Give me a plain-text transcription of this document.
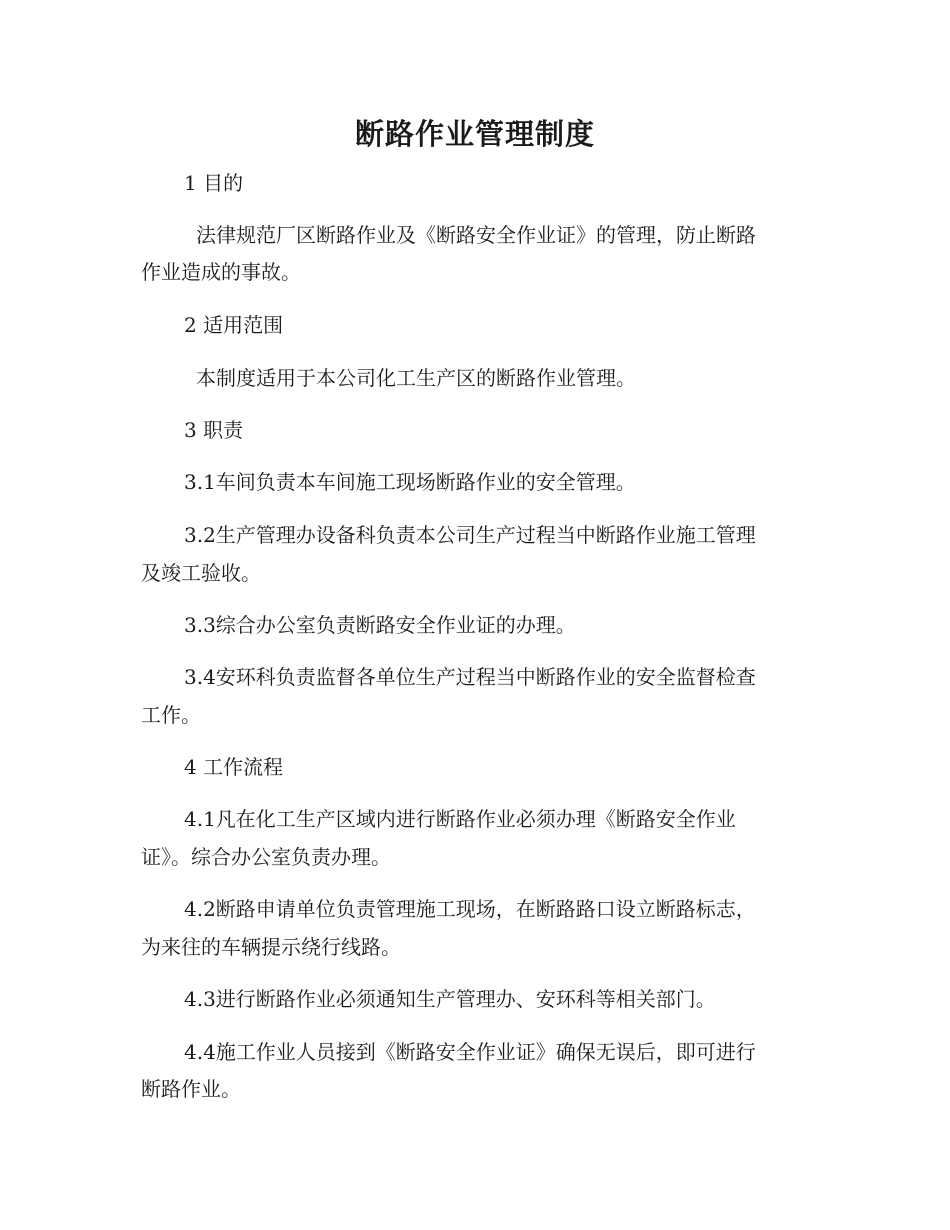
断路作业管理制度

1 目的

法律规范厂区断路作业及《断路安全作业证》的管理，防止断路

作业造成的事故。

2 适用范围

本制度适用于本公司化工生产区的断路作业管理。

3 职责

3.1车间负责本车间施工现场断路作业的安全管理。

3.2生产管理办设备科负责本公司生产过程当中断路作业施工管理

及竣工验收。

3.3综合办公室负责断路安全作业证的办理。

3.4安环科负责监督各单位生产过程当中断路作业的安全监督检查

工作。

4 工作流程

4.1凡在化工生产区域内进行断路作业必须办理《断路安全作业

证》。综合办公室负责办理。

4.2断路申请单位负责管理施工现场，在断路路口设立断路标志，

为来往的车辆提示绕行线路。

4.3进行断路作业必须通知生产管理办、安环科等相关部门。

4.4施工作业人员接到《断路安全作业证》确保无误后，即可进行

断路作业。
